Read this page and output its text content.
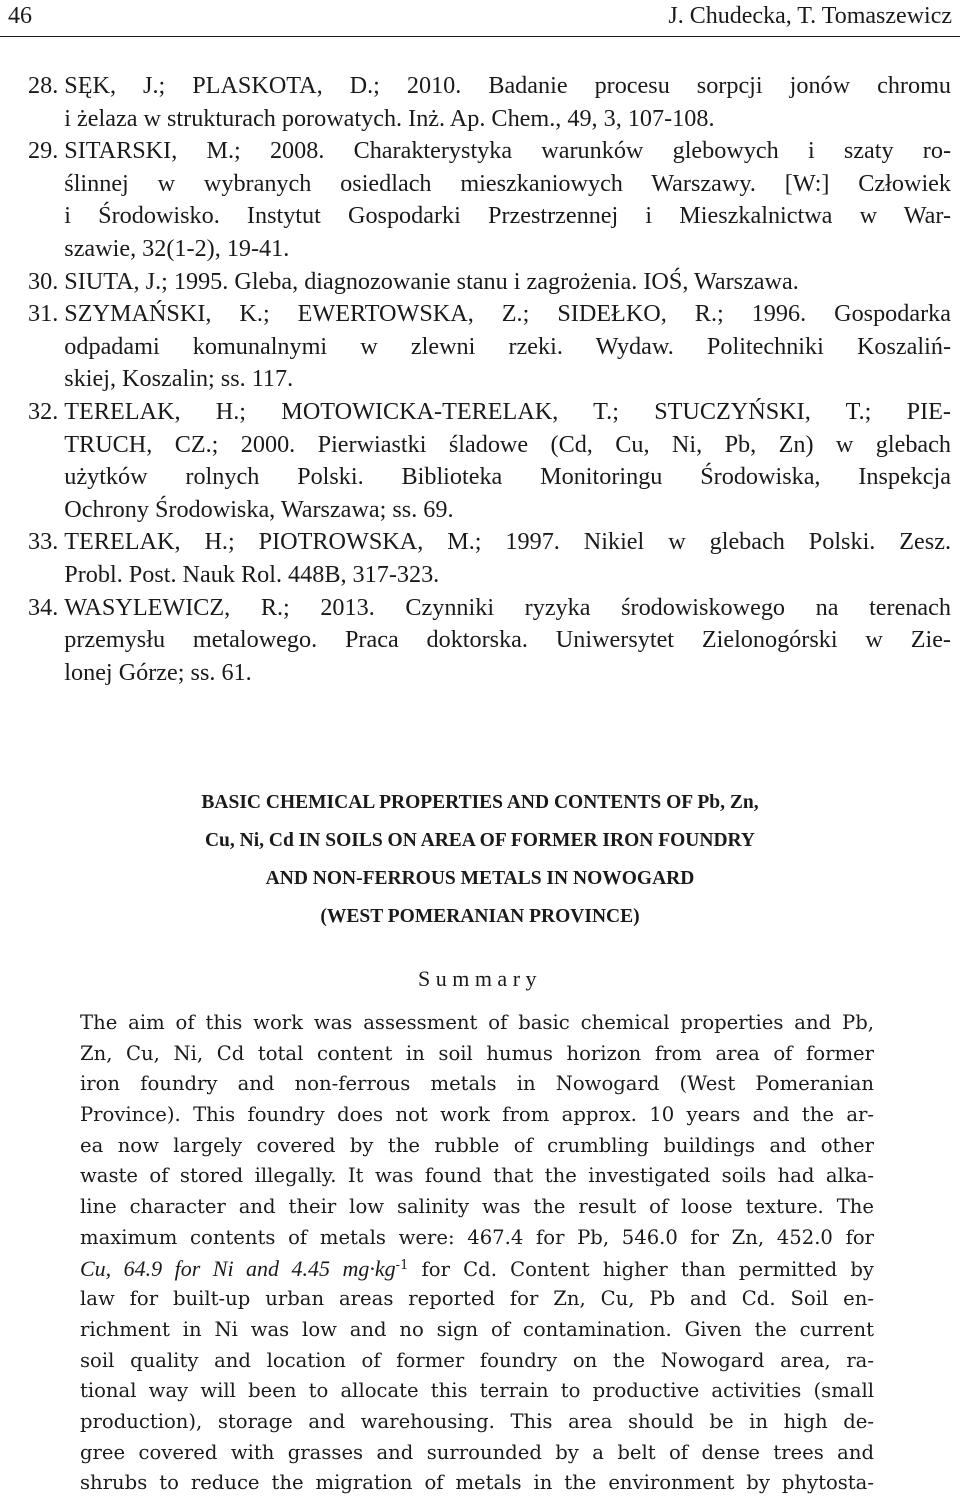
46	J. Chudecka, T. Tomaszewicz
28. SĘK, J.; PLASKOTA, D.; 2010. Badanie procesu sorpcji jonów chromu
i żelaza w strukturach porowatych. Inż. Ap. Chem., 49, 3, 107-108.
29. SITARSKI, M.; 2008. Charakterystyka warunków glebowych i szaty ro-
ślinnej w wybranych osiedlach mieszkaniowych Warszawy. [W:] Człowiek
i Środowisko. Instytut Gospodarki Przestrzennej i Mieszkalnictwa w War-
szawie, 32(1-2), 19-41.
30. SIUTA, J.; 1995. Gleba, diagnozowanie stanu i zagrożenia. IOŚ, Warszawa.
31. SZYMAŃSKI, K.; EWERTOWSKA, Z.; SIDEŁKO, R.; 1996. Gospodarka
odpadami komunalnymi w zlewni rzeki. Wydaw. Politechniki Koszaliń-
skiej, Koszalin; ss. 117.
32. TERELAK, H.; MOTOWICKA-TERELAK, T.; STUCZYŃSKI, T.; PIE-
TRUCH, CZ.; 2000. Pierwiastki śladowe (Cd, Cu, Ni, Pb, Zn) w glebach
użytków rolnych Polski. Biblioteka Monitoringu Środowiska, Inspekcja
Ochrony Środowiska, Warszawa; ss. 69.
33. TERELAK, H.; PIOTROWSKA, M.; 1997. Nikiel w glebach Polski. Zesz.
Probl. Post. Nauk Rol. 448B, 317-323.
34. WASYLEWICZ, R.; 2013. Czynniki ryzyka środowiskowego na terenach
przemysłu metalowego. Praca doktorska. Uniwersytet Zielonogórski w Zie-
lonej Górze; ss. 61.
BASIC CHEMICAL PROPERTIES AND CONTENTS OF Pb, Zn,
Cu, Ni, Cd IN SOILS ON AREA OF FORMER IRON FOUNDRY
AND NON-FERROUS METALS IN NOWOGARD
(WEST POMERANIAN PROVINCE)
Summary
The aim of this work was assessment of basic chemical properties and Pb,
Zn, Cu, Ni, Cd total content in soil humus horizon from area of former
iron foundry and non-ferrous metals in Nowogard (West Pomeranian
Province). This foundry does not work from approx. 10 years and the ar-
ea now largely covered by the rubble of crumbling buildings and other
waste of stored illegally. It was found that the investigated soils had alka-
line character and their low salinity was the result of loose texture. The
maximum contents of metals were: 467.4 for Pb, 546.0 for Zn, 452.0 for
Cu, 64.9 for Ni and 4.45 $mg\cdot kg^{-1}$ for Cd. Content higher than permitted by
law for built-up urban areas reported for Zn, Cu, Pb and Cd. Soil en-
richment in Ni was low and no sign of contamination. Given the current
soil quality and location of former foundry on the Nowogard area, ra-
tional way will been to allocate this terrain to productive activities (small
production), storage and warehousing. This area should be in high de-
gree covered with grasses and surrounded by a belt of dense trees and
shrubs to reduce the migration of metals in the environment by phytosta-
